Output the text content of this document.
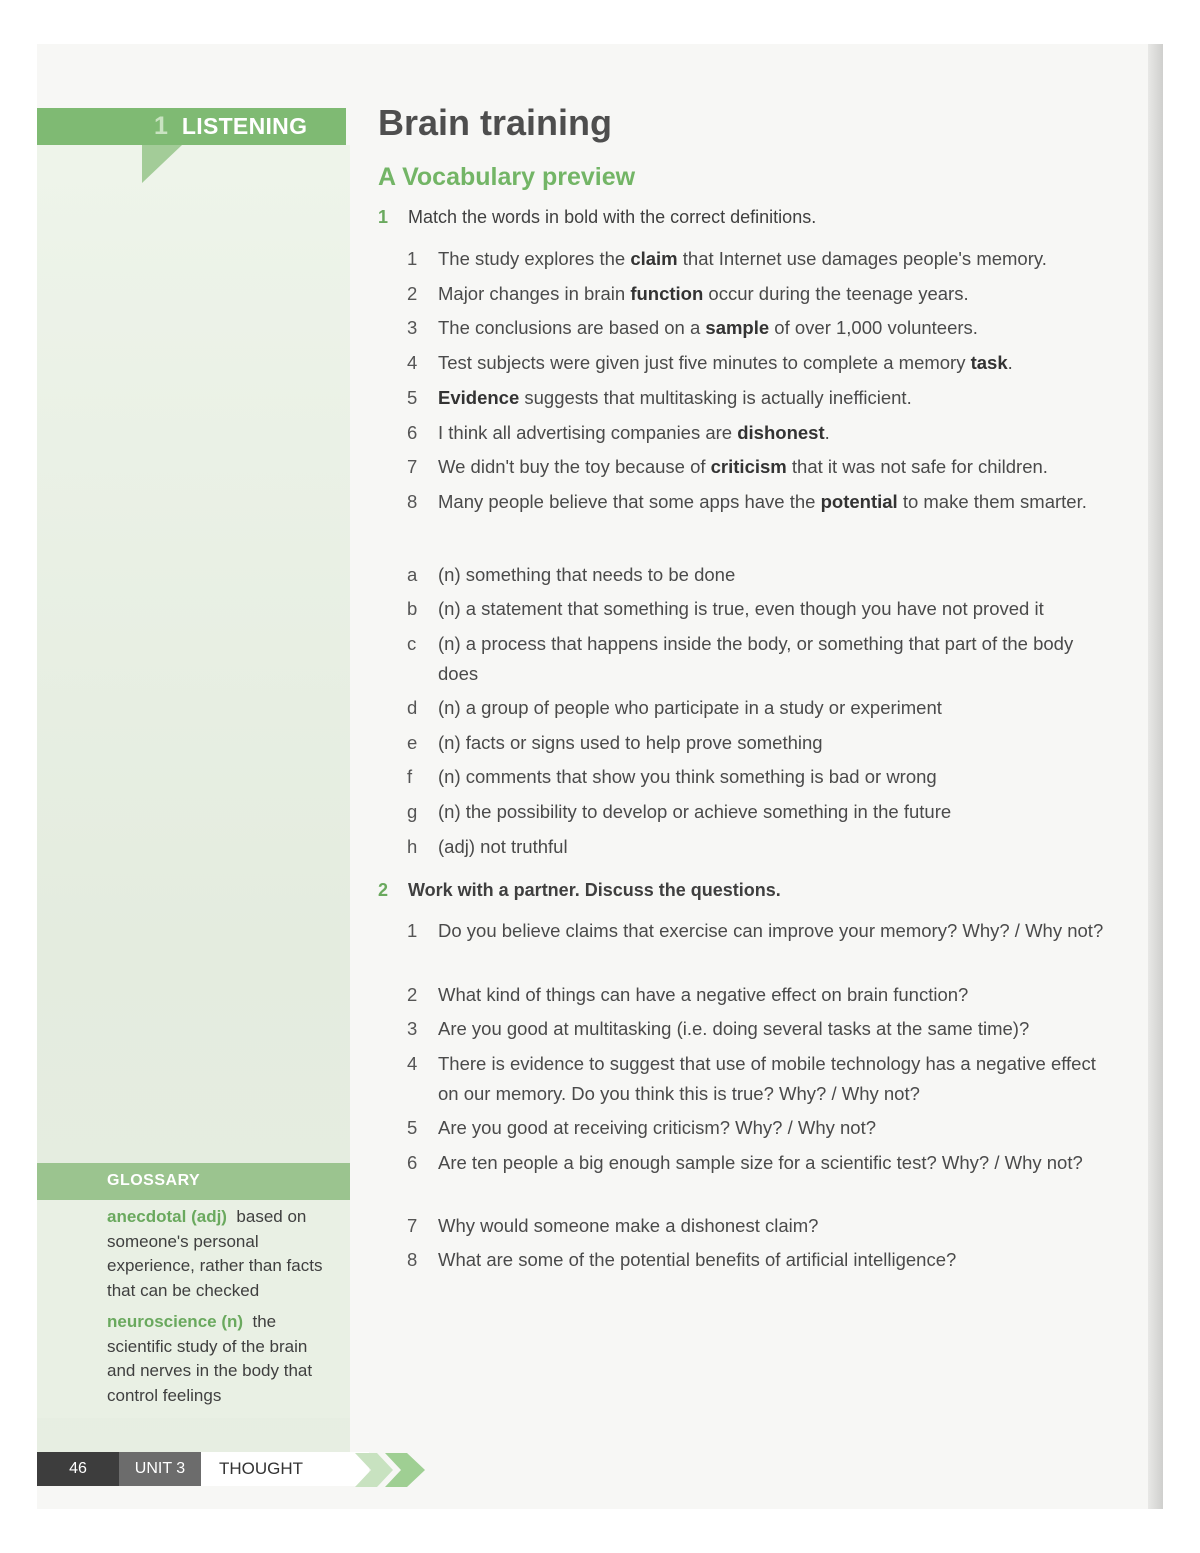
1 LISTENING Brain training
A Vocabulary preview
1 Match the words in bold with the correct definitions.
1	The study explores the claim that Internet use damages people's memory.
2	Major changes in brain function occur during the teenage years.
3	The conclusions are based on a sample of over 1,000 volunteers.
4	Test subjects were given just five minutes to complete a memory task.
5	Evidence suggests that multitasking is actually inefficient.
6	I think all advertising companies are dishonest.
7	We didn't buy the toy because of criticism that it was not safe for children.
8	Many people believe that some apps have the potential to make them smarter.
a	(n) something that needs to be done
b	(n) a statement that something is true, even though you have not proved it
c	(n) a process that happens inside the body, or something that part of the body does
d	(n) a group of people who participate in a study or experiment
e	(n) facts or signs used to help prove something
f	(n) comments that show you think something is bad or wrong
g	(n) the possibility to develop or achieve something in the future
h	(adj) not truthful
2 Work with a partner. Discuss the questions.
1	Do you believe claims that exercise can improve your memory? Why? / Why not?
2	What kind of things can have a negative effect on brain function?
3	Are you good at multitasking (i.e. doing several tasks at the same time)?
4	There is evidence to suggest that use of mobile technology has a negative effect on our memory. Do you think this is true? Why? / Why not?
5	Are you good at receiving criticism? Why? / Why not?
6	Are ten people a big enough sample size for a scientific test? Why? / Why not?
7	Why would someone make a dishonest claim?
8	What are some of the potential benefits of artificial intelligence?
GLOSSARY
anecdotal (adj) based on someone's personal experience, rather than facts that can be checked
neuroscience (n) the scientific study of the brain and nerves in the body that control feelings
46	UNIT 3	THOUGHT
